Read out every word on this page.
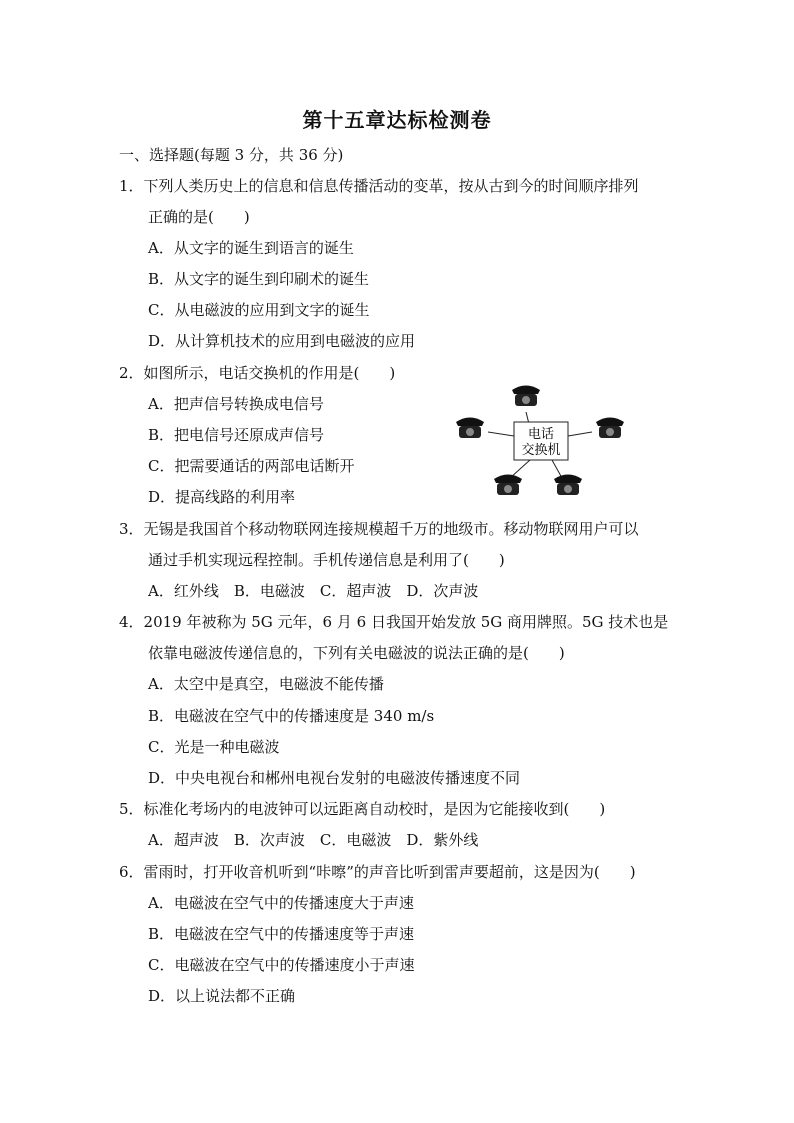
第十五章达标检测卷
一、选择题(每题 3 分，共 36 分)
1．下列人类历史上的信息和信息传播活动的变革，按从古到今的时间顺序排列
正确的是(　　)
A．从文字的诞生到语言的诞生
B．从文字的诞生到印刷术的诞生
C．从电磁波的应用到文字的诞生
D．从计算机技术的应用到电磁波的应用
2．如图所示，电话交换机的作用是(　　)
A．把声信号转换成电信号
B．把电信号还原成声信号
C．把需要通话的两部电话断开
D．提高线路的利用率
电话
交换机
3．无锡是我国首个移动物联网连接规模超千万的地级市。移动物联网用户可以
通过手机实现远程控制。手机传递信息是利用了(　　)
A．红外线　B．电磁波　C．超声波　D．次声波
4．2019 年被称为 5G 元年，6 月 6 日我国开始发放 5G 商用牌照。5G 技术也是
依靠电磁波传递信息的，下列有关电磁波的说法正确的是(　　)
A．太空中是真空，电磁波不能传播
B．电磁波在空气中的传播速度是 340 m/s
C．光是一种电磁波
D．中央电视台和郴州电视台发射的电磁波传播速度不同
5．标准化考场内的电波钟可以远距离自动校时，是因为它能接收到(　　)
A．超声波　B．次声波　C．电磁波　D．紫外线
6．雷雨时，打开收音机听到“咔嚓”的声音比听到雷声要超前，这是因为(　　)
A．电磁波在空气中的传播速度大于声速
B．电磁波在空气中的传播速度等于声速
C．电磁波在空气中的传播速度小于声速
D．以上说法都不正确
